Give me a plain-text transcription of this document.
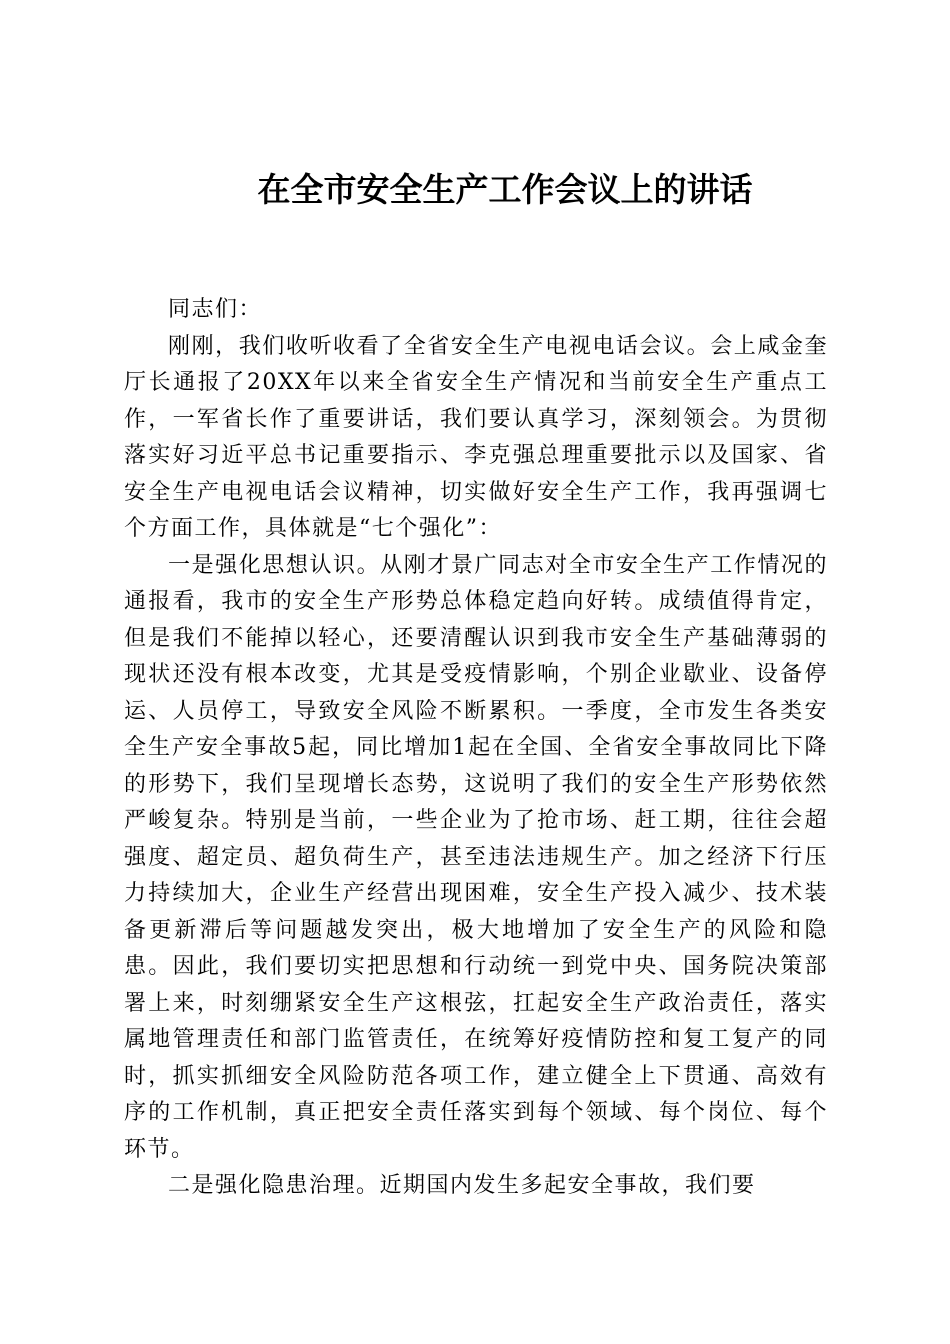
在全市安全生产工作会议上的讲话

同志们：

刚刚，我们收听收看了全省安全生产电视电话会议。会上咸金奎厅长通报了20XX年以来全省安全生产情况和当前安全生产重点工作，一军省长作了重要讲话，我们要认真学习，深刻领会。为贯彻落实好习近平总书记重要指示、李克强总理重要批示以及国家、省安全生产电视电话会议精神，切实做好安全生产工作，我再强调七个方面工作，具体就是“七个强化”：

一是强化思想认识。从刚才景广同志对全市安全生产工作情况的通报看，我市的安全生产形势总体稳定趋向好转。成绩值得肯定，但是我们不能掉以轻心，还要清醒认识到我市安全生产基础薄弱的现状还没有根本改变，尤其是受疫情影响，个别企业歇业、设备停运、人员停工，导致安全风险不断累积。一季度，全市发生各类安全生产安全事故5起，同比增加1起在全国、全省安全事故同比下降的形势下，我们呈现增长态势，这说明了我们的安全生产形势依然严峻复杂。特别是当前，一些企业为了抢市场、赶工期，往往会超强度、超定员、超负荷生产，甚至违法违规生产。加之经济下行压力持续加大，企业生产经营出现困难，安全生产投入减少、技术装备更新滞后等问题越发突出，极大地增加了安全生产的风险和隐患。因此，我们要切实把思想和行动统一到党中央、国务院决策部署上来，时刻绷紧安全生产这根弦，扛起安全生产政治责任，落实属地管理责任和部门监管责任，在统筹好疫情防控和复工复产的同时，抓实抓细安全风险防范各项工作，建立健全上下贯通、高效有序的工作机制，真正把安全责任落实到每个领域、每个岗位、每个环节。

二是强化隐患治理。近期国内发生多起安全事故，我们要
